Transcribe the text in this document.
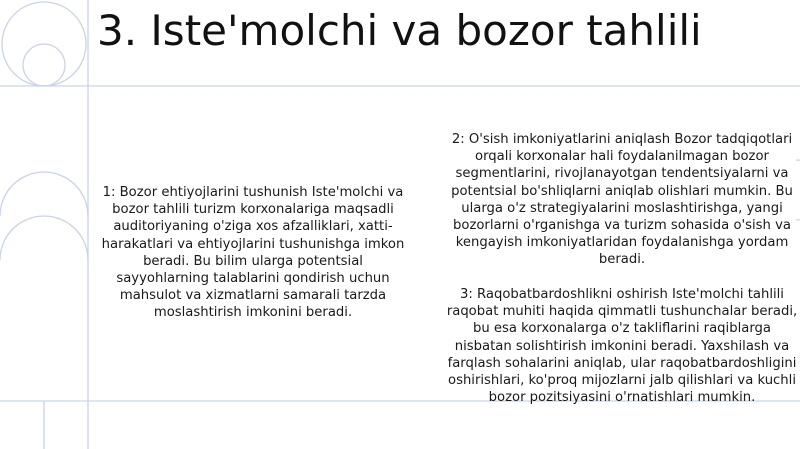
3. Iste'molchi va bozor tahlili

1: Bozor ehtiyojlarini tushunish Iste'molchi va bozor tahlili turizm korxonalariga maqsadli auditoriyaning o'ziga xos afzalliklari, xatti-harakatlari va ehtiyojlarini tushunishga imkon beradi. Bu bilim ularga potentsial sayyohlarning talablarini qondirish uchun mahsulot va xizmatlarni samarali tarzda moslashtirish imkonini beradi.

2: O'sish imkoniyatlarini aniqlash Bozor tadqiqotlari orqali korxonalar hali foydalanilmagan bozor segmentlarini, rivojlanayotgan tendentsiyalarni va potentsial bo'shliqlarni aniqlab olishlari mumkin. Bu ularga o'z strategiyalarini moslashtirishga, yangi bozorlarni o'rganishga va turizm sohasida o'sish va kengayish imkoniyatlaridan foydalanishga yordam beradi.

3: Raqobatbardoshlikni oshirish Iste'molchi tahlili raqobat muhiti haqida qimmatli tushunchalar beradi, bu esa korxonalarga o'z takliflarini raqiblarga nisbatan solishtirish imkonini beradi. Yaxshilash va farqlash sohalarini aniqlab, ular raqobatbardoshligini oshirishlari, ko'proq mijozlarni jalb qilishlari va kuchli bozor pozitsiyasini o'rnatishlari mumkin.
